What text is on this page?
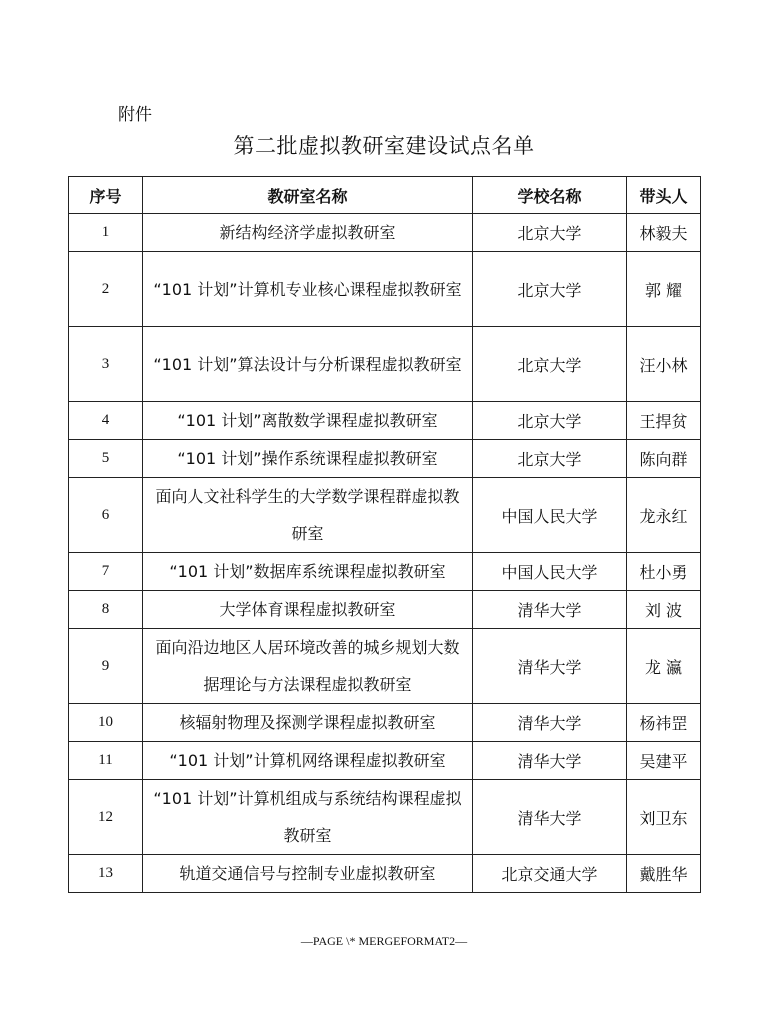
附件
第二批虚拟教研室建设试点名单
序号	教研室名称	学校名称	带头人
1	新结构经济学虚拟教研室	北京大学	林毅夫
2	“101 计划”计算机专业核心课程虚拟教研室	北京大学	郭 耀
3	“101 计划”算法设计与分析课程虚拟教研室	北京大学	汪小林
4	“101 计划”离散数学课程虚拟教研室	北京大学	王捍贫
5	“101 计划”操作系统课程虚拟教研室	北京大学	陈向群
6	面向人文社科学生的大学数学课程群虚拟教研室	中国人民大学	龙永红
7	“101 计划”数据库系统课程虚拟教研室	中国人民大学	杜小勇
8	大学体育课程虚拟教研室	清华大学	刘 波
9	面向沿边地区人居环境改善的城乡规划大数据理论与方法课程虚拟教研室	清华大学	龙 瀛
10	核辐射物理及探测学课程虚拟教研室	清华大学	杨祎罡
11	“101 计划”计算机网络课程虚拟教研室	清华大学	吴建平
12	“101 计划”计算机组成与系统结构课程虚拟教研室	清华大学	刘卫东
13	轨道交通信号与控制专业虚拟教研室	北京交通大学	戴胜华
—PAGE \* MERGEFORMAT2—
